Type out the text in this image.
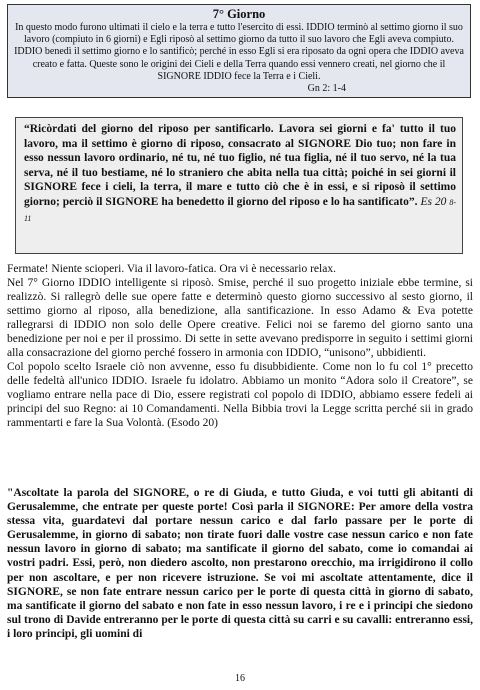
7° Giorno
In questo modo furono ultimati il cielo e la terra e tutto l'esercito di essi. IDDIO terminò al settimo giorno il suo lavoro (compiuto in 6 giorni) e Egli riposò al settimo giorno da tutto il suo lavoro che Egli aveva compiuto. IDDIO benedì il settimo giorno e lo santificò; perché in esso Egli si era riposato da ogni opera che IDDIO aveva creato e fatta. Queste sono le origini dei Cieli e della Terra quando essi vennero creati, nel giorno che il SIGNORE IDDIO fece la Terra e i Cieli.
Gn 2: 1-4
“Ricòrdati del giorno del riposo per santificarlo. Lavora sei giorni e fa' tutto il tuo lavoro, ma il settimo è giorno di riposo, consacrato al SIGNORE Dio tuo; non fare in esso nessun lavoro ordinario, né tu, né tuo figlio, né tua figlia, né il tuo servo, né la tua serva, né il tuo bestiame, né lo straniero che abita nella tua città; poiché in sei giorni il SIGNORE fece i cieli, la terra, il mare e tutto ciò che è in essi, e si riposò il settimo giorno; perciò il SIGNORE ha benedetto il giorno del riposo e lo ha santificato”. Es 20 8-11

Fermate! Niente scioperi. Via il lavoro-fatica. Ora vi è necessario relax.

Nel 7° Giorno IDDIO intelligente si riposò. Smise, perché il suo progetto iniziale ebbe termine, si realizzò. Si rallegrò delle sue opere fatte e determinò questo giorno successivo al sesto giorno, il settimo giorno al riposo, alla benedizione, alla santificazione. In esso Adamo & Eva potette rallegrarsi di IDDIO non solo delle Opere creative. Felici noi se faremo del giorno santo una benedizione per noi e per il prossimo. Di sette in sette avevano predisporre in seguito i settimi giorni alla consacrazione del giorno perché fossero in armonia con IDDIO, “unisono”, ubbidienti.

Col popolo scelto Israele ciò non avvenne, esso fu disubbidiente. Come non lo fu col 1° precetto delle fedeltà all'unico IDDIO. Israele fu idolatro. Abbiamo un monito “Adora solo il Creatore”, se vogliamo entrare nella pace di Dio, essere registrati col popolo di IDDIO, abbiamo essere fedeli ai principi del suo Regno: ai 10 Comandamenti. Nella Bibbia trovi la Legge scritta perché sii in grado rammentarti e fare la Sua Volontà. (Esodo 20)

"Ascoltate la parola del SIGNORE, o re di Giuda, e tutto Giuda, e voi tutti gli abitanti di Gerusalemme, che entrate per queste porte! Così parla il SIGNORE: Per amore della vostra stessa vita, guardatevi dal portare nessun carico e dal farlo passare per le porte di Gerusalemme, in giorno di sabato; non tirate fuori dalle vostre case nessun carico e non fate nessun lavoro in giorno di sabato; ma santificate il giorno del sabato, come io comandai ai vostri padri. Essi, però, non diedero ascolto, non prestarono orecchio, ma irrigidirono il collo per non ascoltare, e per non ricevere istruzione. Se voi mi ascoltate attentamente, dice il SIGNORE, se non fate entrare nessun carico per le porte di questa città in giorno di sabato, ma santificate il giorno del sabato e non fate in esso nessun lavoro, i re e i principi che siedono sul trono di Davide entreranno per le porte di questa città su carri e su cavalli: entreranno essi, i loro principi, gli uomini di
16
